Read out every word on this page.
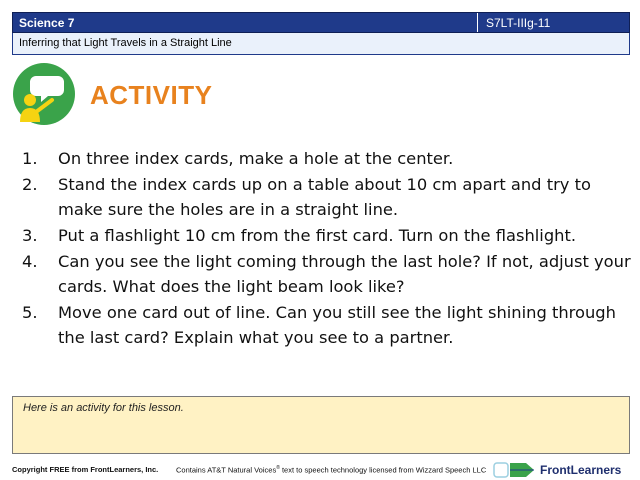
Science 7	S7LT-IIIg-11
Inferring that Light Travels in a Straight Line
ACTIVITY
1.	On three index cards, make a hole at the center.
2.	Stand the index cards up on a table about 10 cm apart and try to make sure the holes are in a straight line.
3.	Put a flashlight 10 cm from the first card. Turn on the flashlight.
4.	Can you see the light coming through the last hole? If not, adjust your cards. What does the light beam look like?
5.	Move one card out of line. Can you still see the light shining through the last card? Explain what you see to a partner.
Here is an activity for this lesson.
Copyright FREE from FrontLearners, Inc. Contains AT&T Natural Voices® text to speech technology licensed from Wizzard Speech LLC	FrontLearners
